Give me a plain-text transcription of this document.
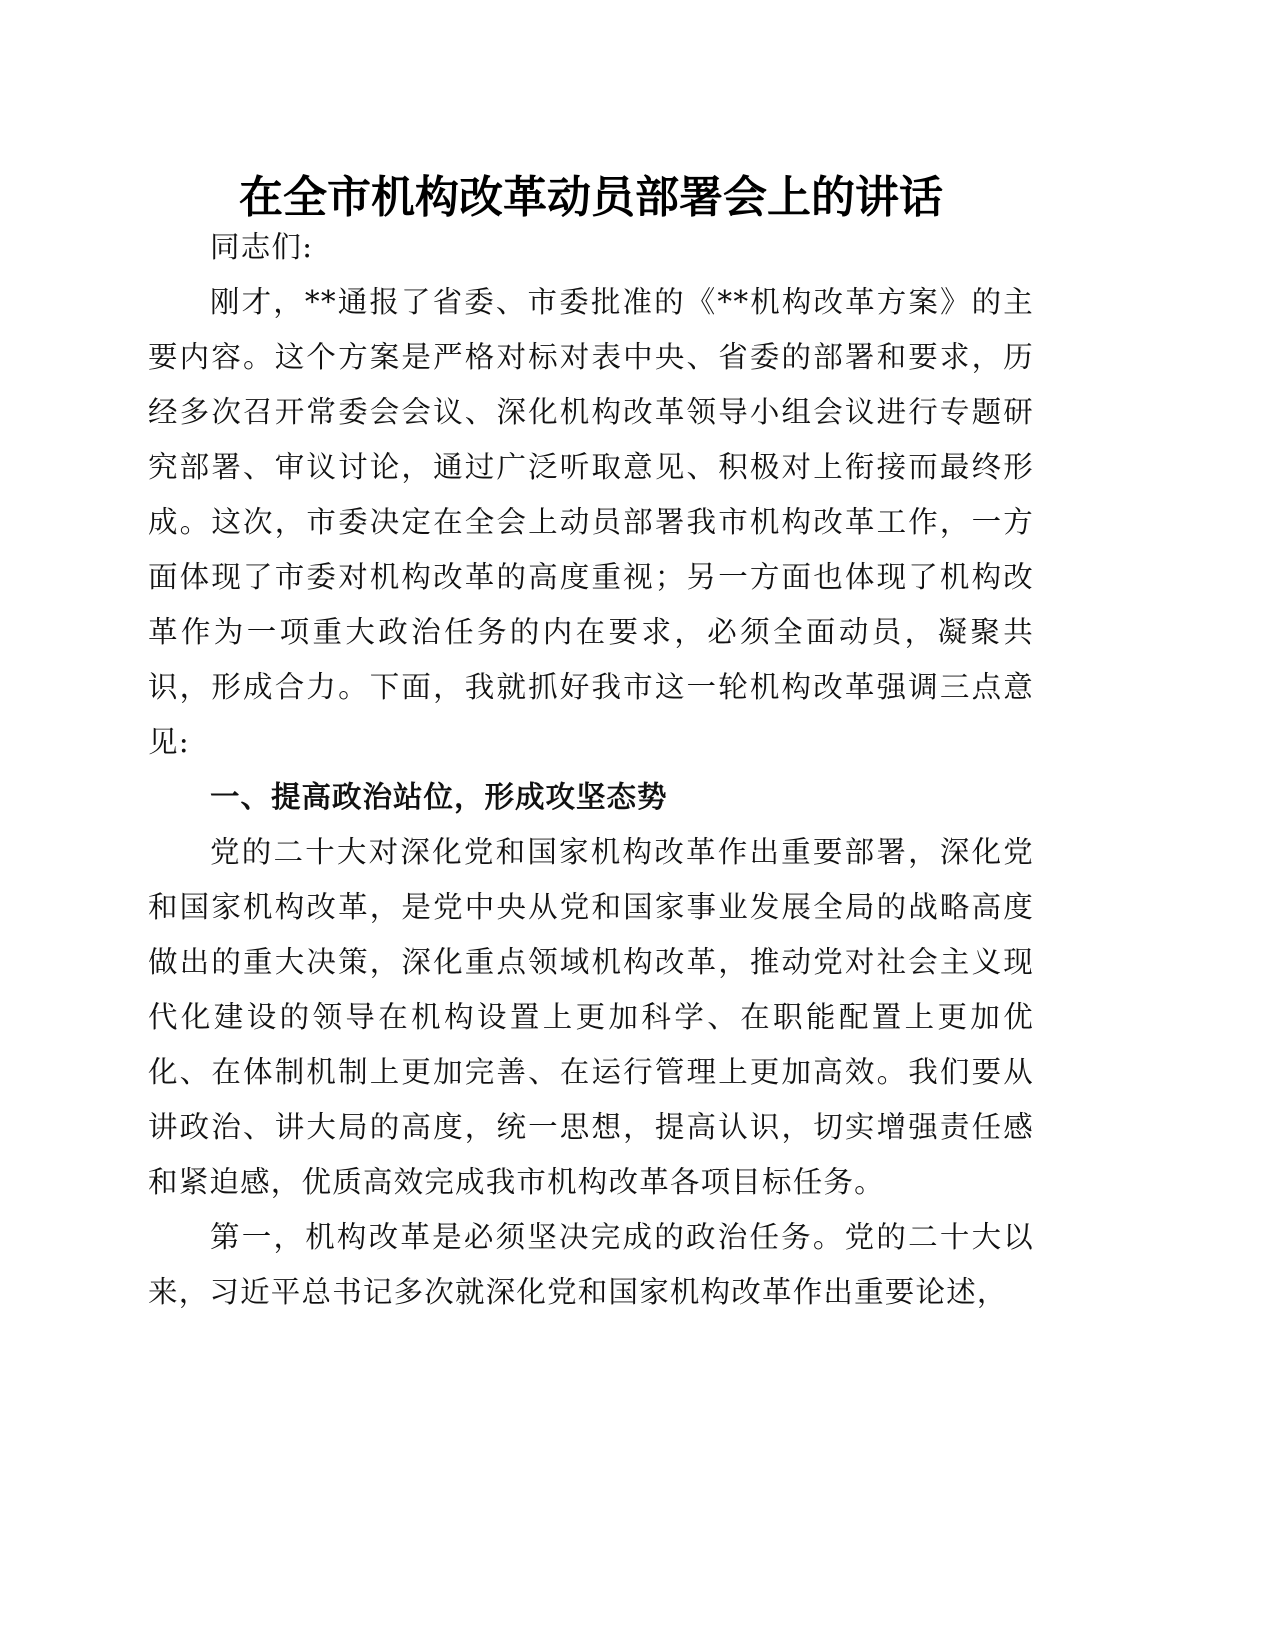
在全市机构改革动员部署会上的讲话

同志们:

刚才，**通报了省委、市委批准的《**机构改革方案》的主要内容。这个方案是严格对标对表中央、省委的部署和要求，历经多次召开常委会会议、深化机构改革领导小组会议进行专题研究部署、审议讨论，通过广泛听取意见、积极对上衔接而最终形成。这次，市委决定在全会上动员部署我市机构改革工作，一方面体现了市委对机构改革的高度重视；另一方面也体现了机构改革作为一项重大政治任务的内在要求，必须全面动员，凝聚共识，形成合力。下面，我就抓好我市这一轮机构改革强调三点意见:

一、提高政治站位，形成攻坚态势

党的二十大对深化党和国家机构改革作出重要部署，深化党和国家机构改革，是党中央从党和国家事业发展全局的战略高度做出的重大决策，深化重点领域机构改革，推动党对社会主义现代化建设的领导在机构设置上更加科学、在职能配置上更加优化、在体制机制上更加完善、在运行管理上更加高效。我们要从讲政治、讲大局的高度，统一思想，提高认识，切实增强责任感和紧迫感，优质高效完成我市机构改革各项目标任务。

第一，机构改革是必须坚决完成的政治任务。党的二十大以来，习近平总书记多次就深化党和国家机构改革作出重要论述，
